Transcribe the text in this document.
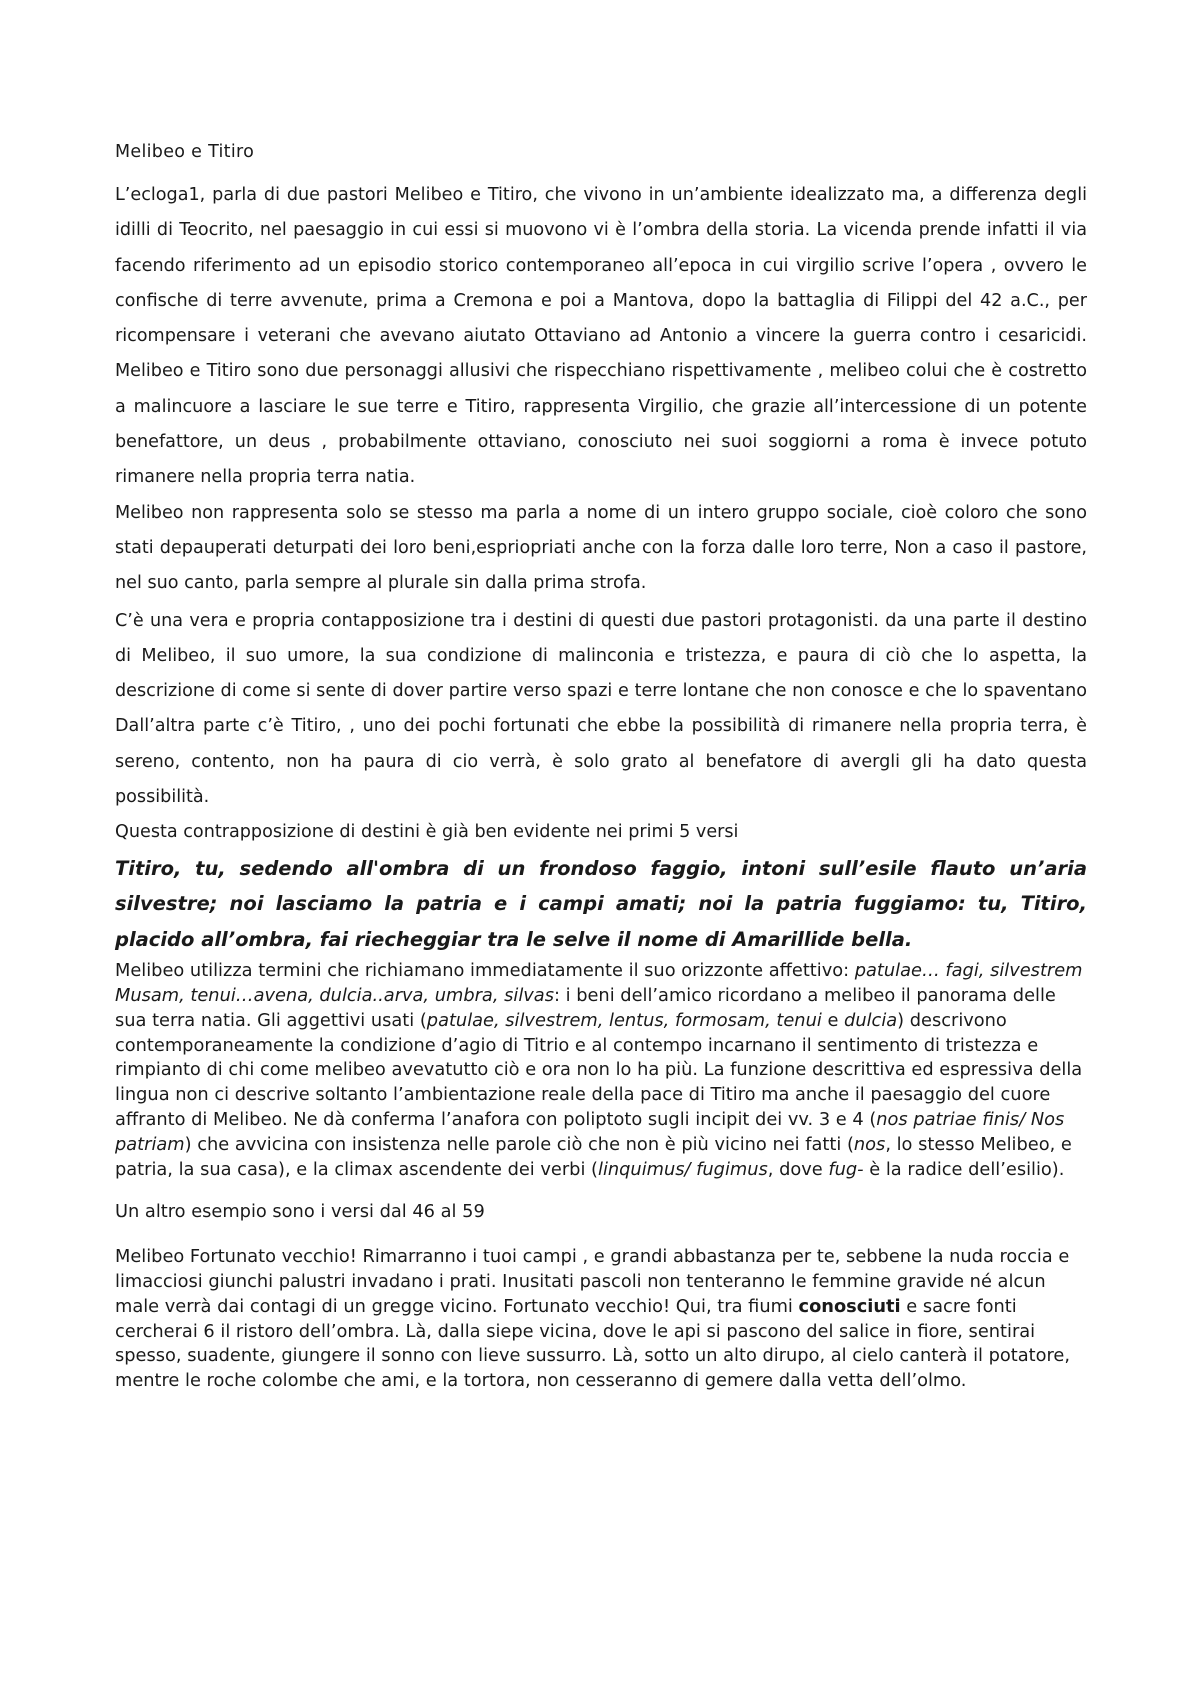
Melibeo e Titiro

L’ecloga1, parla di due pastori Melibeo e Titiro, che vivono in un’ambiente idealizzato ma, a differenza degli idilli di Teocrito, nel paesaggio in cui essi si muovono vi è l’ombra della storia. La vicenda prende infatti il via facendo riferimento ad un episodio storico contemporaneo all’epoca in cui virgilio scrive l’opera , ovvero le confische di terre avvenute, prima a Cremona e poi a Mantova, dopo la battaglia di Filippi del 42 a.C., per ricompensare i veterani che avevano aiutato Ottaviano ad Antonio a vincere la guerra contro i cesaricidi. Melibeo e Titiro sono due personaggi allusivi che rispecchiano rispettivamente , melibeo colui che è costretto a malincuore a lasciare le sue terre e Titiro, rappresenta Virgilio, che grazie all’intercessione di un potente benefattore, un deus , probabilmente ottaviano, conosciuto nei suoi soggiorni a roma è invece potuto rimanere nella propria terra natia.

Melibeo non rappresenta solo se stesso ma parla a nome di un intero gruppo sociale, cioè coloro che sono stati depauperati deturpati dei loro beni,espriopriati anche con la forza dalle loro terre, Non a caso il pastore, nel suo canto, parla sempre al plurale sin dalla prima strofa.

C’è una vera e propria contapposizione tra i destini di questi due pastori protagonisti. da una parte il destino di Melibeo, il suo umore, la sua condizione di malinconia e tristezza, e paura di ciò che lo aspetta, la descrizione di come si sente di dover partire verso spazi e terre lontane che non conosce e che lo spaventano Dall’altra parte c’è Titiro, , uno dei pochi fortunati che ebbe la possibilità di rimanere nella propria terra, è sereno, contento, non ha paura di cio verrà, è solo grato al benefatore di avergli gli ha dato questa possibilità.

Questa contrapposizione di destini è già ben evidente nei primi 5 versi

Titiro, tu, sedendo all'ombra di un frondoso faggio, intoni sull’esile flauto un’aria silvestre; noi lasciamo la patria e i campi amati; noi la patria fuggiamo: tu, Titiro, placido all’ombra, fai riecheggiar tra le selve il nome di Amarillide bella.

Melibeo utilizza termini che richiamano immediatamente il suo orizzonte affettivo: patulae… fagi, silvestrem Musam, tenui…avena, dulcia..arva, umbra, silvas: i beni dell’amico ricordano a melibeo il panorama delle sua terra natia. Gli aggettivi usati (patulae, silvestrem, lentus, formosam, tenui e dulcia) descrivono contemporaneamente la condizione d’agio di Titrio e al contempo incarnano il sentimento di tristezza e rimpianto di chi come melibeo avevatutto ciò e ora non lo ha più. La funzione descrittiva ed espressiva della lingua non ci descrive soltanto l’ambientazione reale della pace di Titiro ma anche il paesaggio del cuore affranto di Melibeo. Ne dà conferma l’anafora con poliptoto sugli incipit dei vv. 3 e 4 (nos patriae finis/ Nos patriam) che avvicina con insistenza nelle parole ciò che non è più vicino nei fatti (nos, lo stesso Melibeo, e patria, la sua casa), e la climax ascendente dei verbi (linquimus/ fugimus, dove fug- è la radice dell’esilio).

Un altro esempio sono i versi dal 46 al 59

Melibeo Fortunato vecchio! Rimarranno i tuoi campi , e grandi abbastanza per te, sebbene la nuda roccia e limacciosi giunchi palustri invadano i prati. Inusitati pascoli non tenteranno le femmine gravide né alcun male verrà dai contagi di un gregge vicino. Fortunato vecchio! Qui, tra fiumi conosciuti e sacre fonti cercherai 6 il ristoro dell’ombra. Là, dalla siepe vicina, dove le api si pascono del salice in fiore, sentirai spesso, suadente, giungere il sonno con lieve sussurro. Là, sotto un alto dirupo, al cielo canterà il potatore, mentre le roche colombe che ami, e la tortora, non cesseranno di gemere dalla vetta dell’olmo.
